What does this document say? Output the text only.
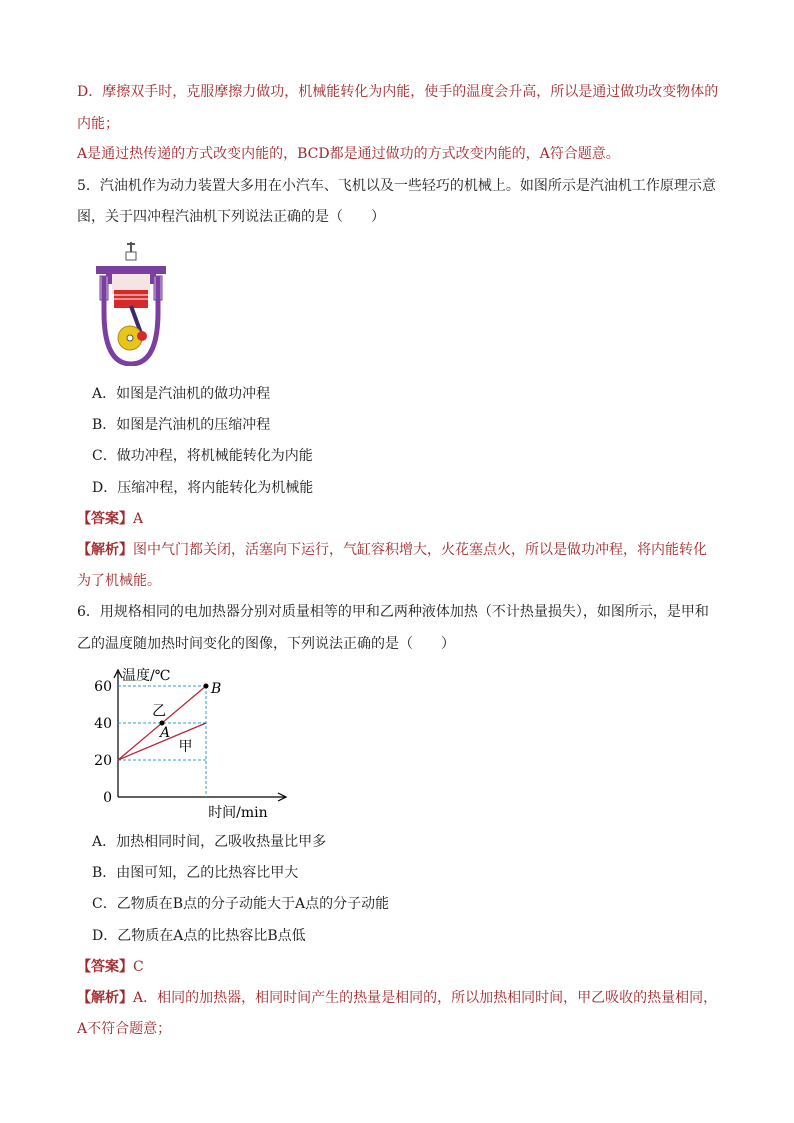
D．摩擦双手时，克服摩擦力做功，机械能转化为内能，使手的温度会升高，所以是通过做功改变物体的
内能；
A是通过热传递的方式改变内能的，BCD都是通过做功的方式改变内能的，A符合题意。
5．汽油机作为动力装置大多用在小汽车、飞机以及一些轻巧的机械上。如图所示是汽油机工作原理示意
图，关于四冲程汽油机下列说法正确的是（　　）
A．如图是汽油机的做功冲程
B．如图是汽油机的压缩冲程
C．做功冲程，将机械能转化为内能
D．压缩冲程，将内能转化为机械能
【答案】A
【解析】图中气门都关闭，活塞向下运行，气缸容积增大，火花塞点火，所以是做功冲程，将内能转化
为了机械能。
6．用规格相同的电加热器分别对质量相等的甲和乙两种液体加热（不计热量损失），如图所示，是甲和
乙的温度随加热时间变化的图像，下列说法正确的是（　　）
温度/℃
时间/min
0
20
40
60
乙
甲
A
B
A．加热相同时间，乙吸收热量比甲多
B．由图可知，乙的比热容比甲大
C．乙物质在B点的分子动能大于A点的分子动能
D．乙物质在A点的比热容比B点低
【答案】C
【解析】A．相同的加热器，相同时间产生的热量是相同的，所以加热相同时间，甲乙吸收的热量相同，
A不符合题意；
